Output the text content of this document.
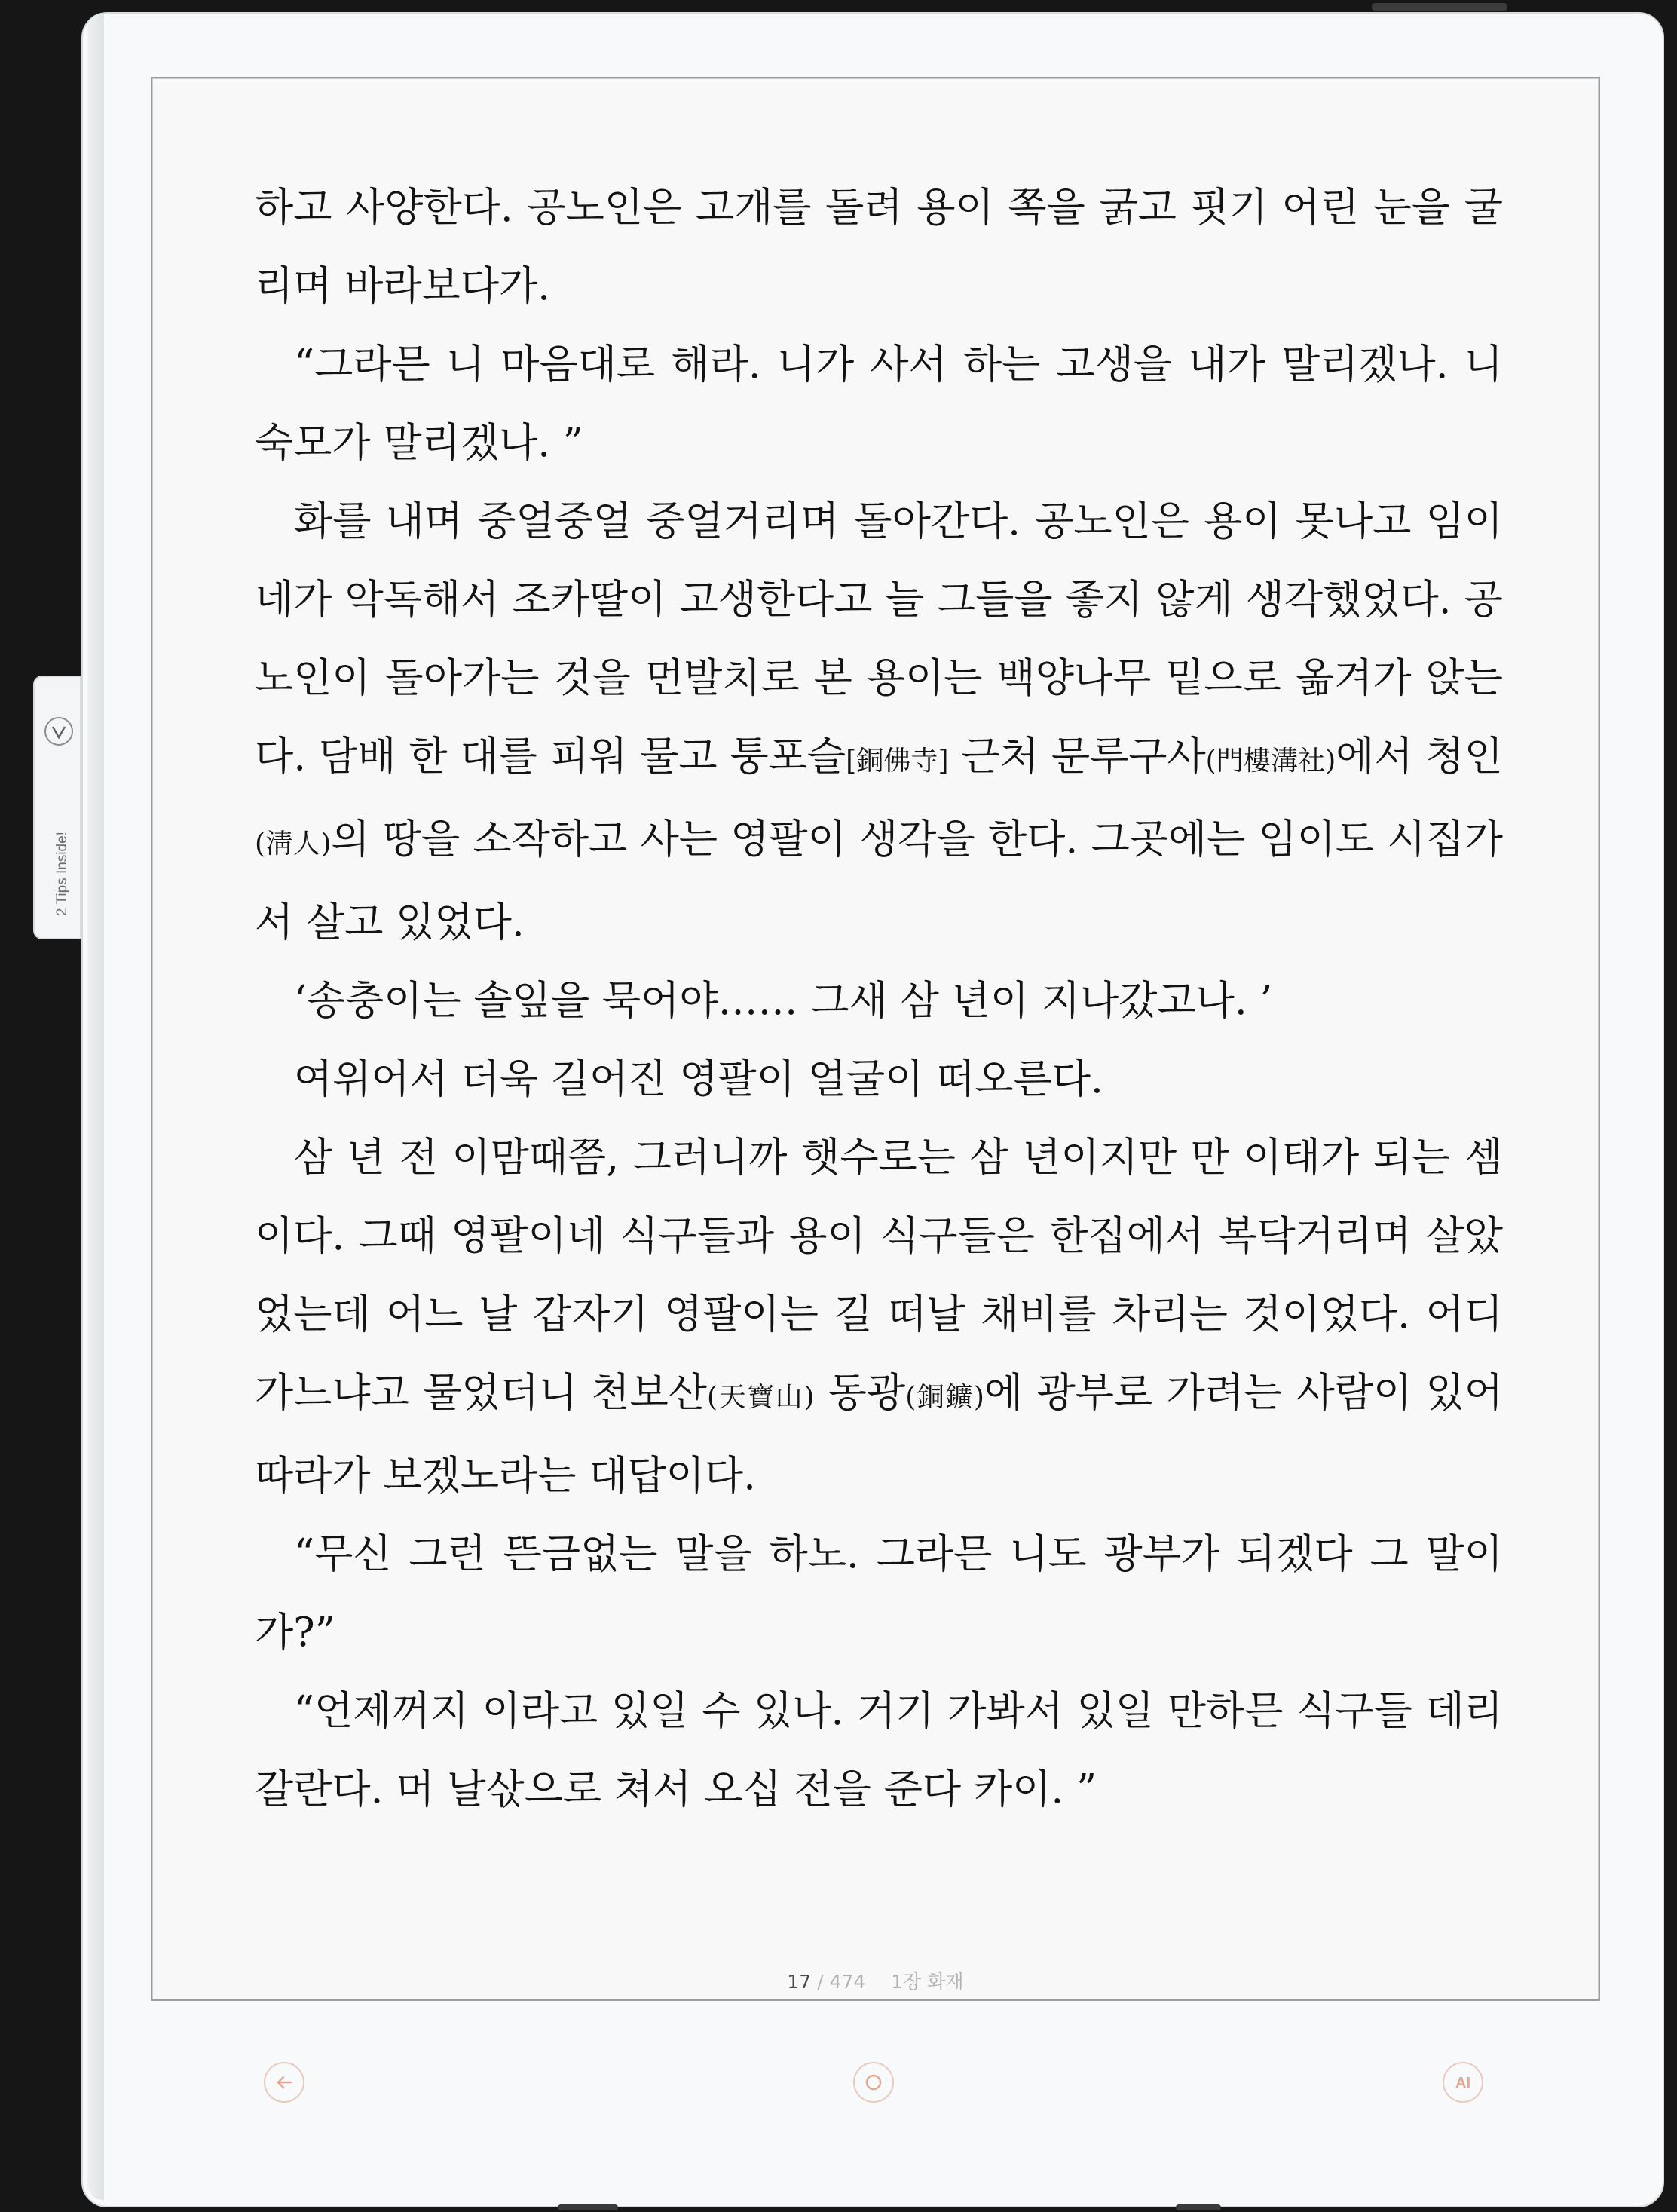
2 Tips Inside!

하고 사양한다. 공노인은 고개를 돌려 용이 쪽을 굵고 핏기 어린 눈을 굴리며 바라보다가.

“그라믄 니 마음대로 해라. 니가 사서 하는 고생을 내가 말리겠나. 니 숙모가 말리겠나. ”

화를 내며 중얼중얼 중얼거리며 돌아간다. 공노인은 용이 못나고 임이네가 악독해서 조카딸이 고생한다고 늘 그들을 좋지 않게 생각했었다. 공노인이 돌아가는 것을 먼발치로 본 용이는 백양나무 밑으로 옮겨가 앉는다. 담배 한 대를 피워 물고 퉁포슬[銅佛寺] 근처 문루구사(門樓溝社)에서 청인(淸人)의 땅을 소작하고 사는 영팔이 생각을 한다. 그곳에는 임이도 시집가서 살고 있었다.

‘송충이는 솔잎을 묵어야…… 그새 삼 년이 지나갔고나. ’

여위어서 더욱 길어진 영팔이 얼굴이 떠오른다.

삼 년 전 이맘때쯤, 그러니까 햇수로는 삼 년이지만 만 이태가 되는 셈이다. 그때 영팔이네 식구들과 용이 식구들은 한집에서 복닥거리며 살았었는데 어느 날 갑자기 영팔이는 길 떠날 채비를 차리는 것이었다. 어디 가느냐고 물었더니 천보산(天寶山) 동광(銅鑛)에 광부로 가려는 사람이 있어 따라가 보겠노라는 대답이다.

“무신 그런 뜬금없는 말을 하노. 그라믄 니도 광부가 되겠다 그 말이가?”

“언제꺼지 이라고 있일 수 있나. 거기 가봐서 있일 만하믄 식구들 데리갈란다. 머 날삯으로 쳐서 오십 전을 준다 카이. ”

17 / 474 1장 화재
AI
